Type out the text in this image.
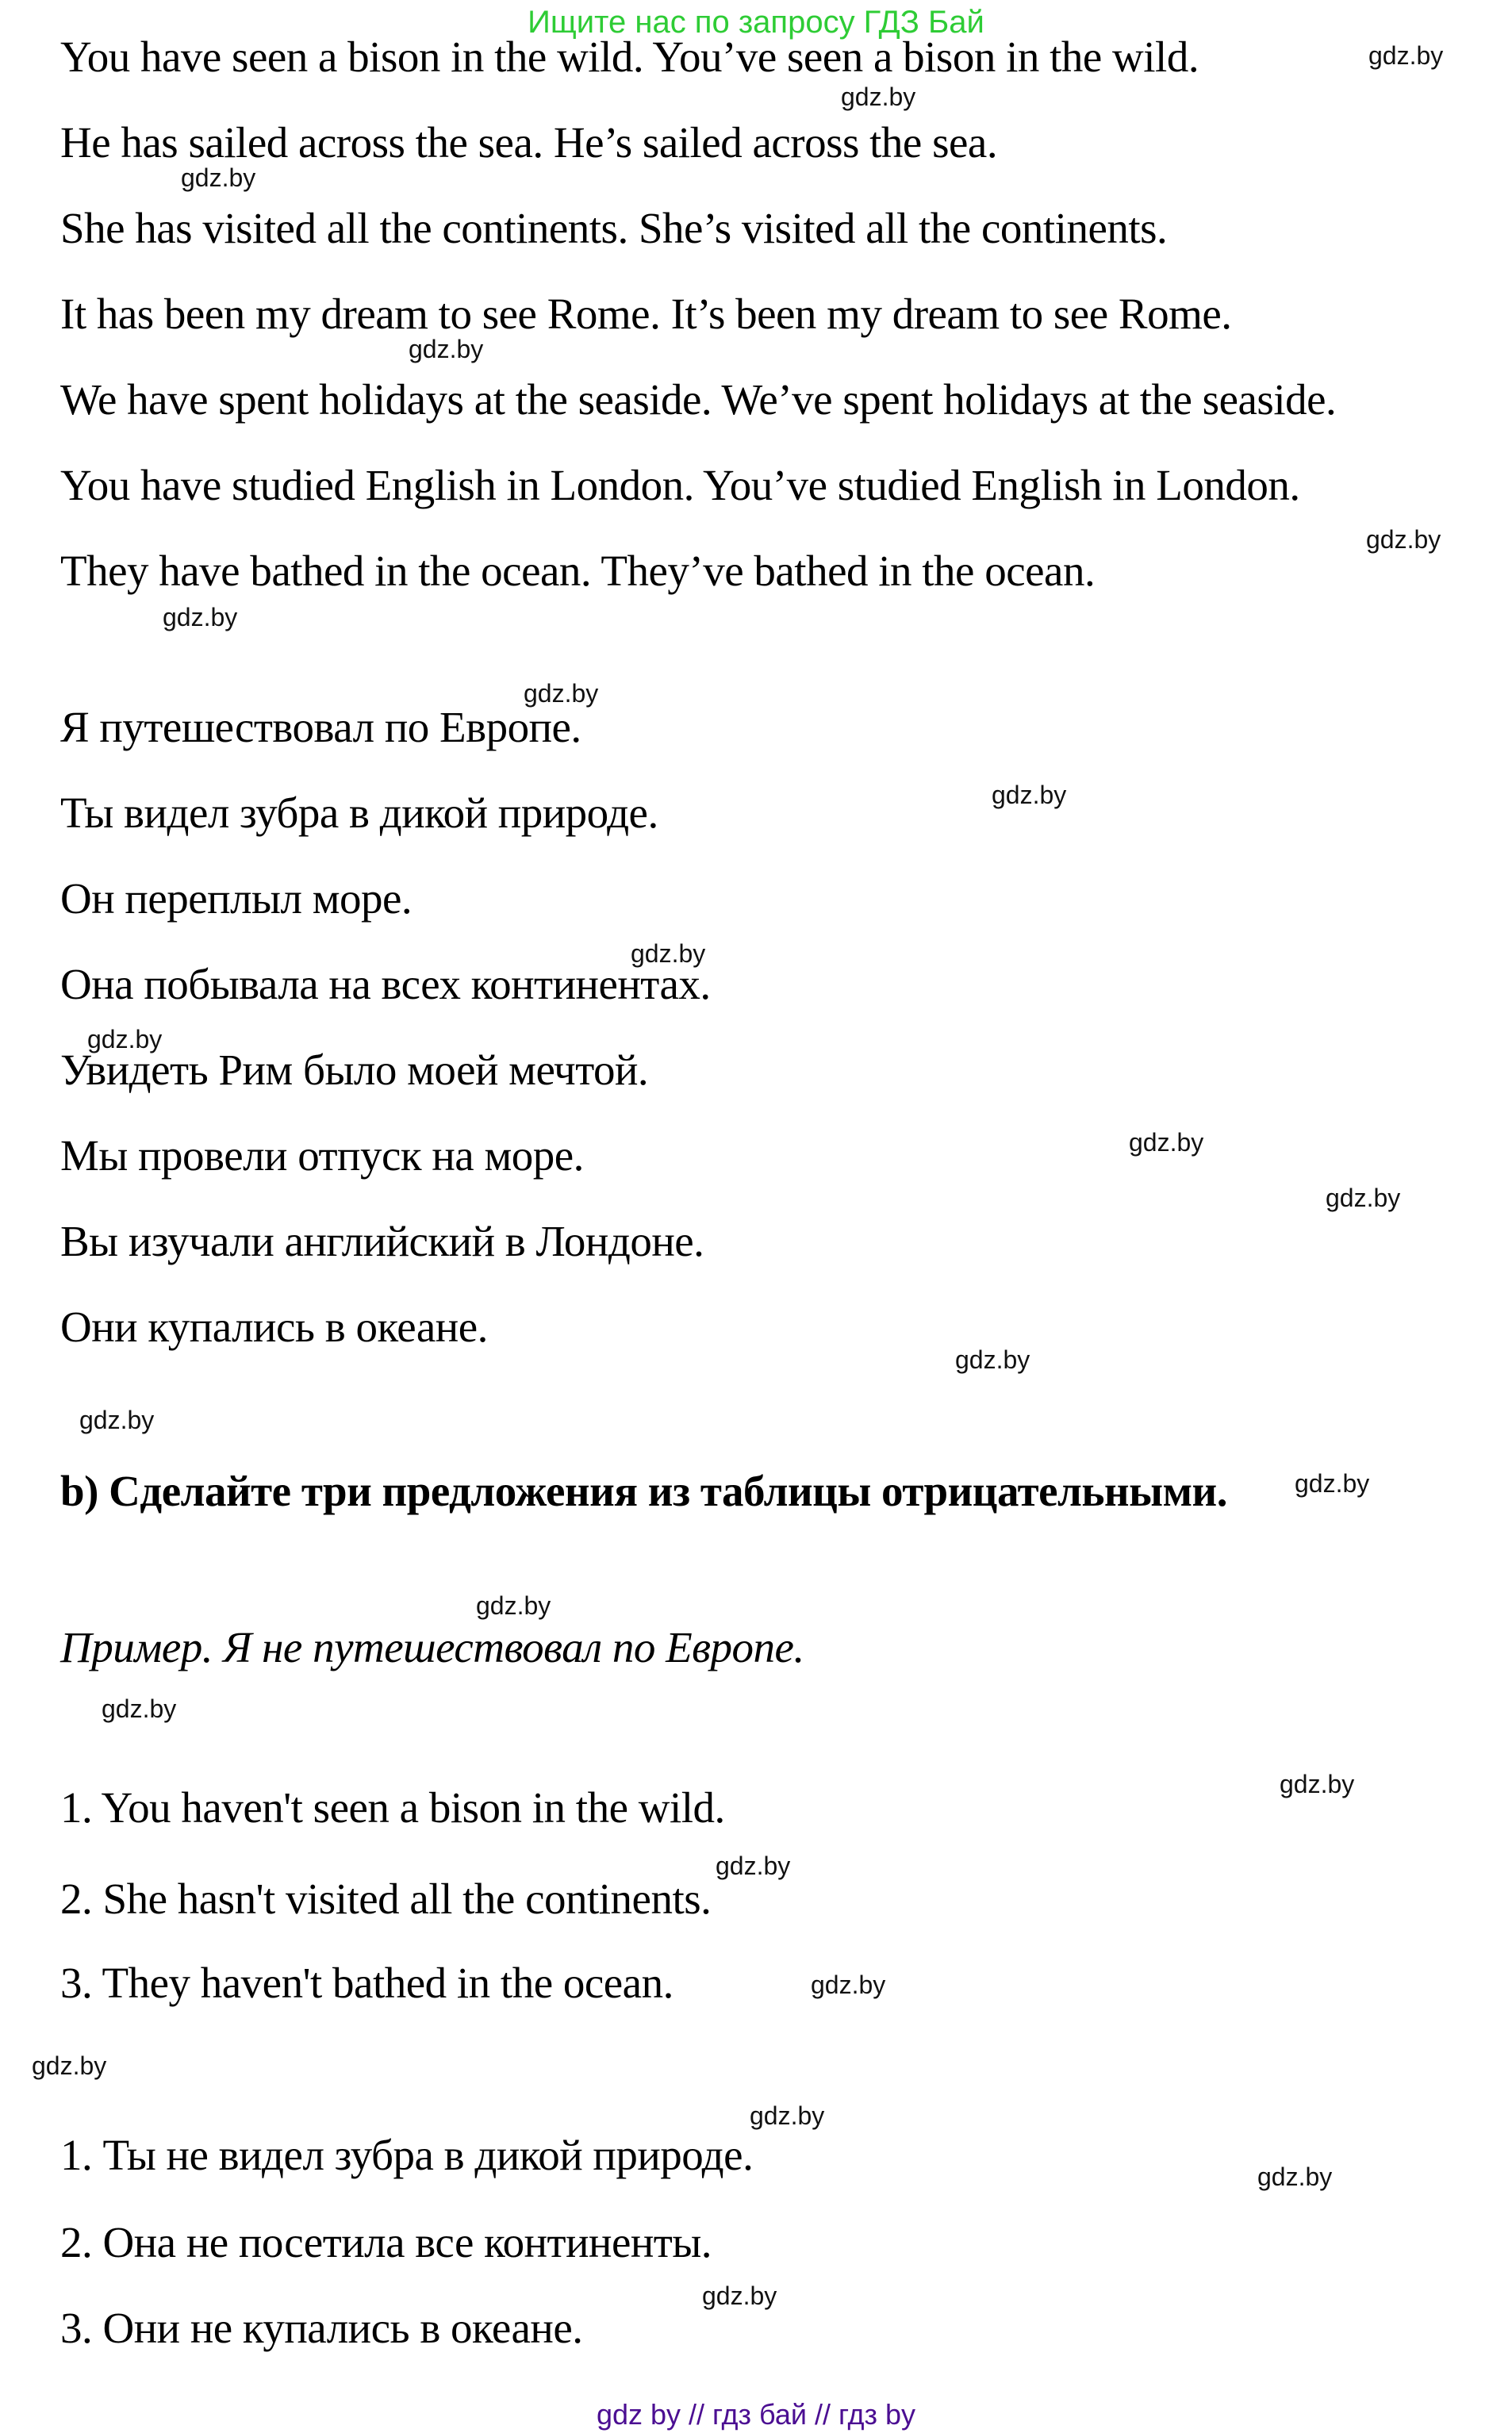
Ищите нас по запросу ГДЗ Бай
You have seen a bison in the wild. You’ve seen a bison in the wild.
He has sailed across the sea. He’s sailed across the sea.
She has visited all the continents. She’s visited all the continents.
It has been my dream to see Rome. It’s been my dream to see Rome.
We have spent holidays at the seaside. We’ve spent holidays at the seaside.
You have studied English in London. You’ve studied English in London.
They have bathed in the ocean. They’ve bathed in the ocean.
Я путешествовал по Европе.
Ты видел зубра в дикой природе.
Он переплыл море.
Она побывала на всех континентах.
Увидеть Рим было моей мечтой.
Мы провели отпуск на море.
Вы изучали английский в Лондоне.
Они купались в океане.
b) Сделайте три предложения из таблицы отрицательными.
Пример. Я не путешествовал по Европе.
1. You haven't seen a bison in the wild.
2. She hasn't visited all the continents.
3. They haven't bathed in the ocean.
1. Ты не видел зубра в дикой природе.
2. Она не посетила все континенты.
3. Они не купались в океане.
gdz.by
gdz.by
gdz.by
gdz.by
gdz.by
gdz.by
gdz.by
gdz.by
gdz.by
gdz.by
gdz.by
gdz.by
gdz.by
gdz.by
gdz.by
gdz.by
gdz.by
gdz.by
gdz.by
gdz.by
gdz.by
gdz.by
gdz.by
gdz.by
gdz by // гдз бай // гдз by
